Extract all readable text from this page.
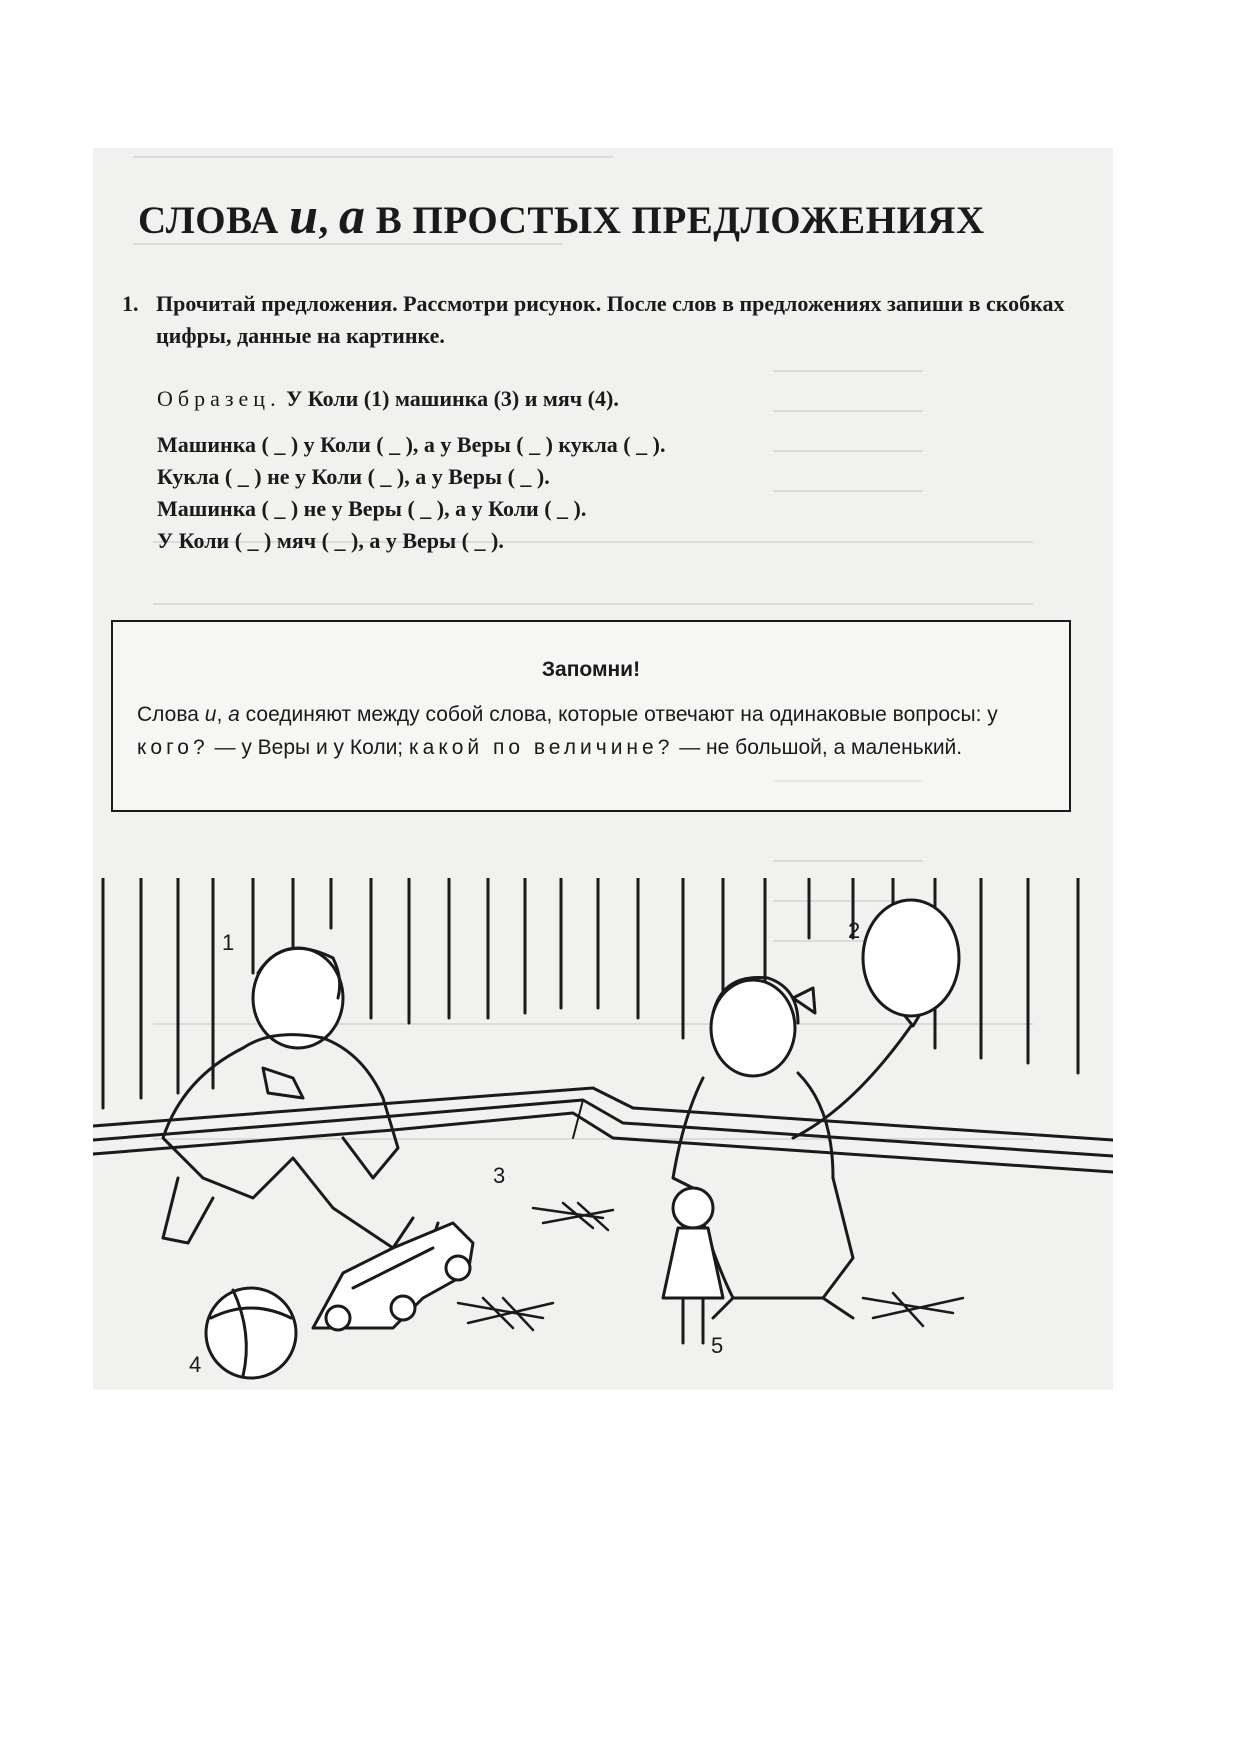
СЛОВА и, а В ПРОСТЫХ ПРЕДЛОЖЕНИЯХ
1. Прочитай предложения. Рассмотри рисунок. После слов в предложениях запиши в скобках цифры, данные на картинке.
Образец. У Коли (1) машинка (3) и мяч (4).
Машинка ( _ ) у Коли ( _ ), а у Веры ( _ ) кукла ( _ ).
Кукла ( _ ) не у Коли ( _ ), а у Веры ( _ ).
Машинка ( _ ) не у Веры ( _ ), а у Коли ( _ ).
У Коли ( _ ) мяч ( _ ), а у Веры ( _ ).
Запомни!
Слова и, а соединяют между собой слова, которые отвечают на одинаковые вопросы: у кого? — у Веры и у Коли; какой по величине? — не большой, а маленький.
1	2
3
4
5
